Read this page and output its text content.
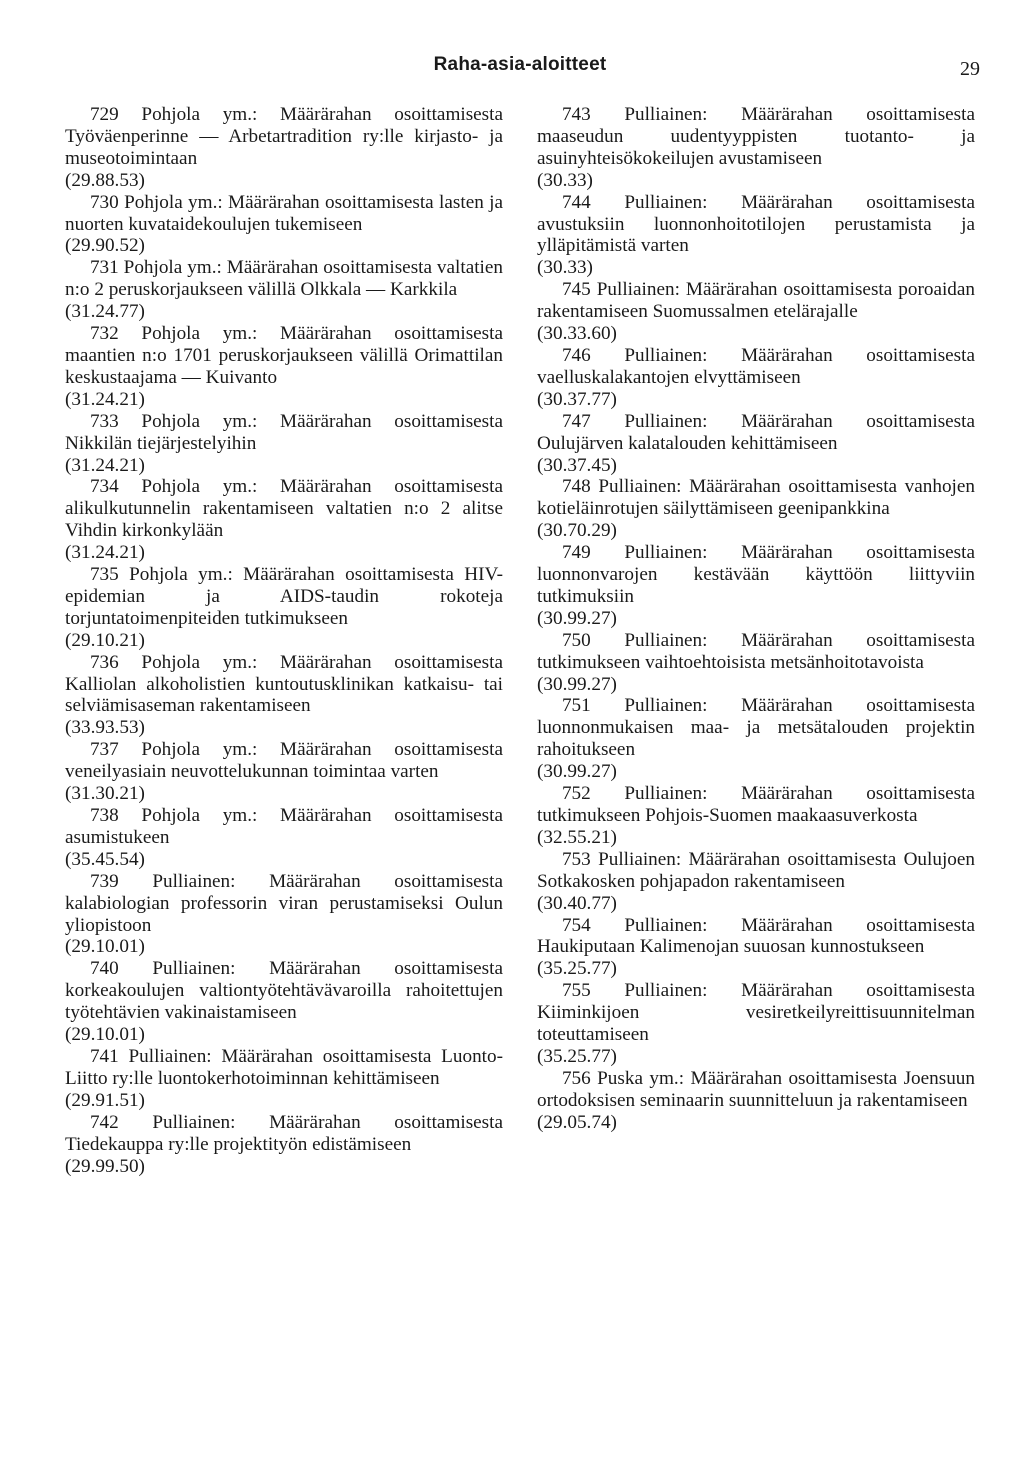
Raha-asia-aloitteet	29
729 Pohjola ym.: Määrärahan osoittamisesta Työväenperinne — Arbetartradition ry:lle kirjasto- ja museotoimintaan
(29.88.53)
730 Pohjola ym.: Määrärahan osoittamisesta lasten ja nuorten kuvataidekoulujen tukemiseen
(29.90.52)
731 Pohjola ym.: Määrärahan osoittamisesta valtatien n:o 2 peruskorjaukseen välillä Olkkala — Karkkila
(31.24.77)
732 Pohjola ym.: Määrärahan osoittamisesta maantien n:o 1701 peruskorjaukseen välillä Orimattilan keskustaajama — Kuivanto
(31.24.21)
733 Pohjola ym.: Määrärahan osoittamisesta Nikkilän tiejärjestelyihin
(31.24.21)
734 Pohjola ym.: Määrärahan osoittamisesta alikulkutunnelin rakentamiseen valtatien n:o 2 alitse Vihdin kirkonkylään
(31.24.21)
735 Pohjola ym.: Määrärahan osoittamisesta HIV-epidemian ja AIDS-taudin rokoteja torjuntatoimenpiteiden tutkimukseen
(29.10.21)
736 Pohjola ym.: Määrärahan osoittamisesta Kalliolan alkoholistien kuntoutusklinikan katkaisu- tai selviämisaseman rakentamiseen
(33.93.53)
737 Pohjola ym.: Määrärahan osoittamisesta veneilyasiain neuvottelukunnan toimintaa varten
(31.30.21)
738 Pohjola ym.: Määrärahan osoittamisesta asumistukeen
(35.45.54)
739 Pulliainen: Määrärahan osoittamisesta kalabiologian professorin viran perustamiseksi Oulun yliopistoon
(29.10.01)
740 Pulliainen: Määrärahan osoittamisesta korkeakoulujen valtiontyötehtävävaroilla rahoitettujen työtehtävien vakinaistamiseen
(29.10.01)
741 Pulliainen: Määrärahan osoittamisesta Luonto-Liitto ry:lle luontokerhotoiminnan kehittämiseen
(29.91.51)
742 Pulliainen: Määrärahan osoittamisesta Tiedekauppa ry:lle projektityön edistämiseen
(29.99.50)
743 Pulliainen: Määrärahan osoittamisesta maaseudun uudentyyppisten tuotanto- ja asuinyhteisökokeilujen avustamiseen
(30.33)
744 Pulliainen: Määrärahan osoittamisesta avustuksiin luonnonhoitotilojen perustamista ja ylläpitämistä varten
(30.33)
745 Pulliainen: Määrärahan osoittamisesta poroaidan rakentamiseen Suomussalmen etelärajalle
(30.33.60)
746 Pulliainen: Määrärahan osoittamisesta vaelluskalakantojen elvyttämiseen
(30.37.77)
747 Pulliainen: Määrärahan osoittamisesta Oulujärven kalatalouden kehittämiseen
(30.37.45)
748 Pulliainen: Määrärahan osoittamisesta vanhojen kotieläinrotujen säilyttämiseen geenipankkina
(30.70.29)
749 Pulliainen: Määrärahan osoittamisesta luonnonvarojen kestävään käyttöön liittyviin tutkimuksiin
(30.99.27)
750 Pulliainen: Määrärahan osoittamisesta tutkimukseen vaihtoehtoisista metsänhoitotavoista
(30.99.27)
751 Pulliainen: Määrärahan osoittamisesta luonnonmukaisen maa- ja metsätalouden projektin rahoitukseen
(30.99.27)
752 Pulliainen: Määrärahan osoittamisesta tutkimukseen Pohjois-Suomen maakaasuverkosta
(32.55.21)
753 Pulliainen: Määrärahan osoittamisesta Oulujoen Sotkakosken pohjapadon rakentamiseen
(30.40.77)
754 Pulliainen: Määrärahan osoittamisesta Haukiputaan Kalimenojan suuosan kunnostukseen
(35.25.77)
755 Pulliainen: Määrärahan osoittamisesta Kiiminkijoen vesiretkeilyreittisuunnitelman toteuttamiseen
(35.25.77)
756 Puska ym.: Määrärahan osoittamisesta Joensuun ortodoksisen seminaarin suunnitteluun ja rakentamiseen
(29.05.74)
